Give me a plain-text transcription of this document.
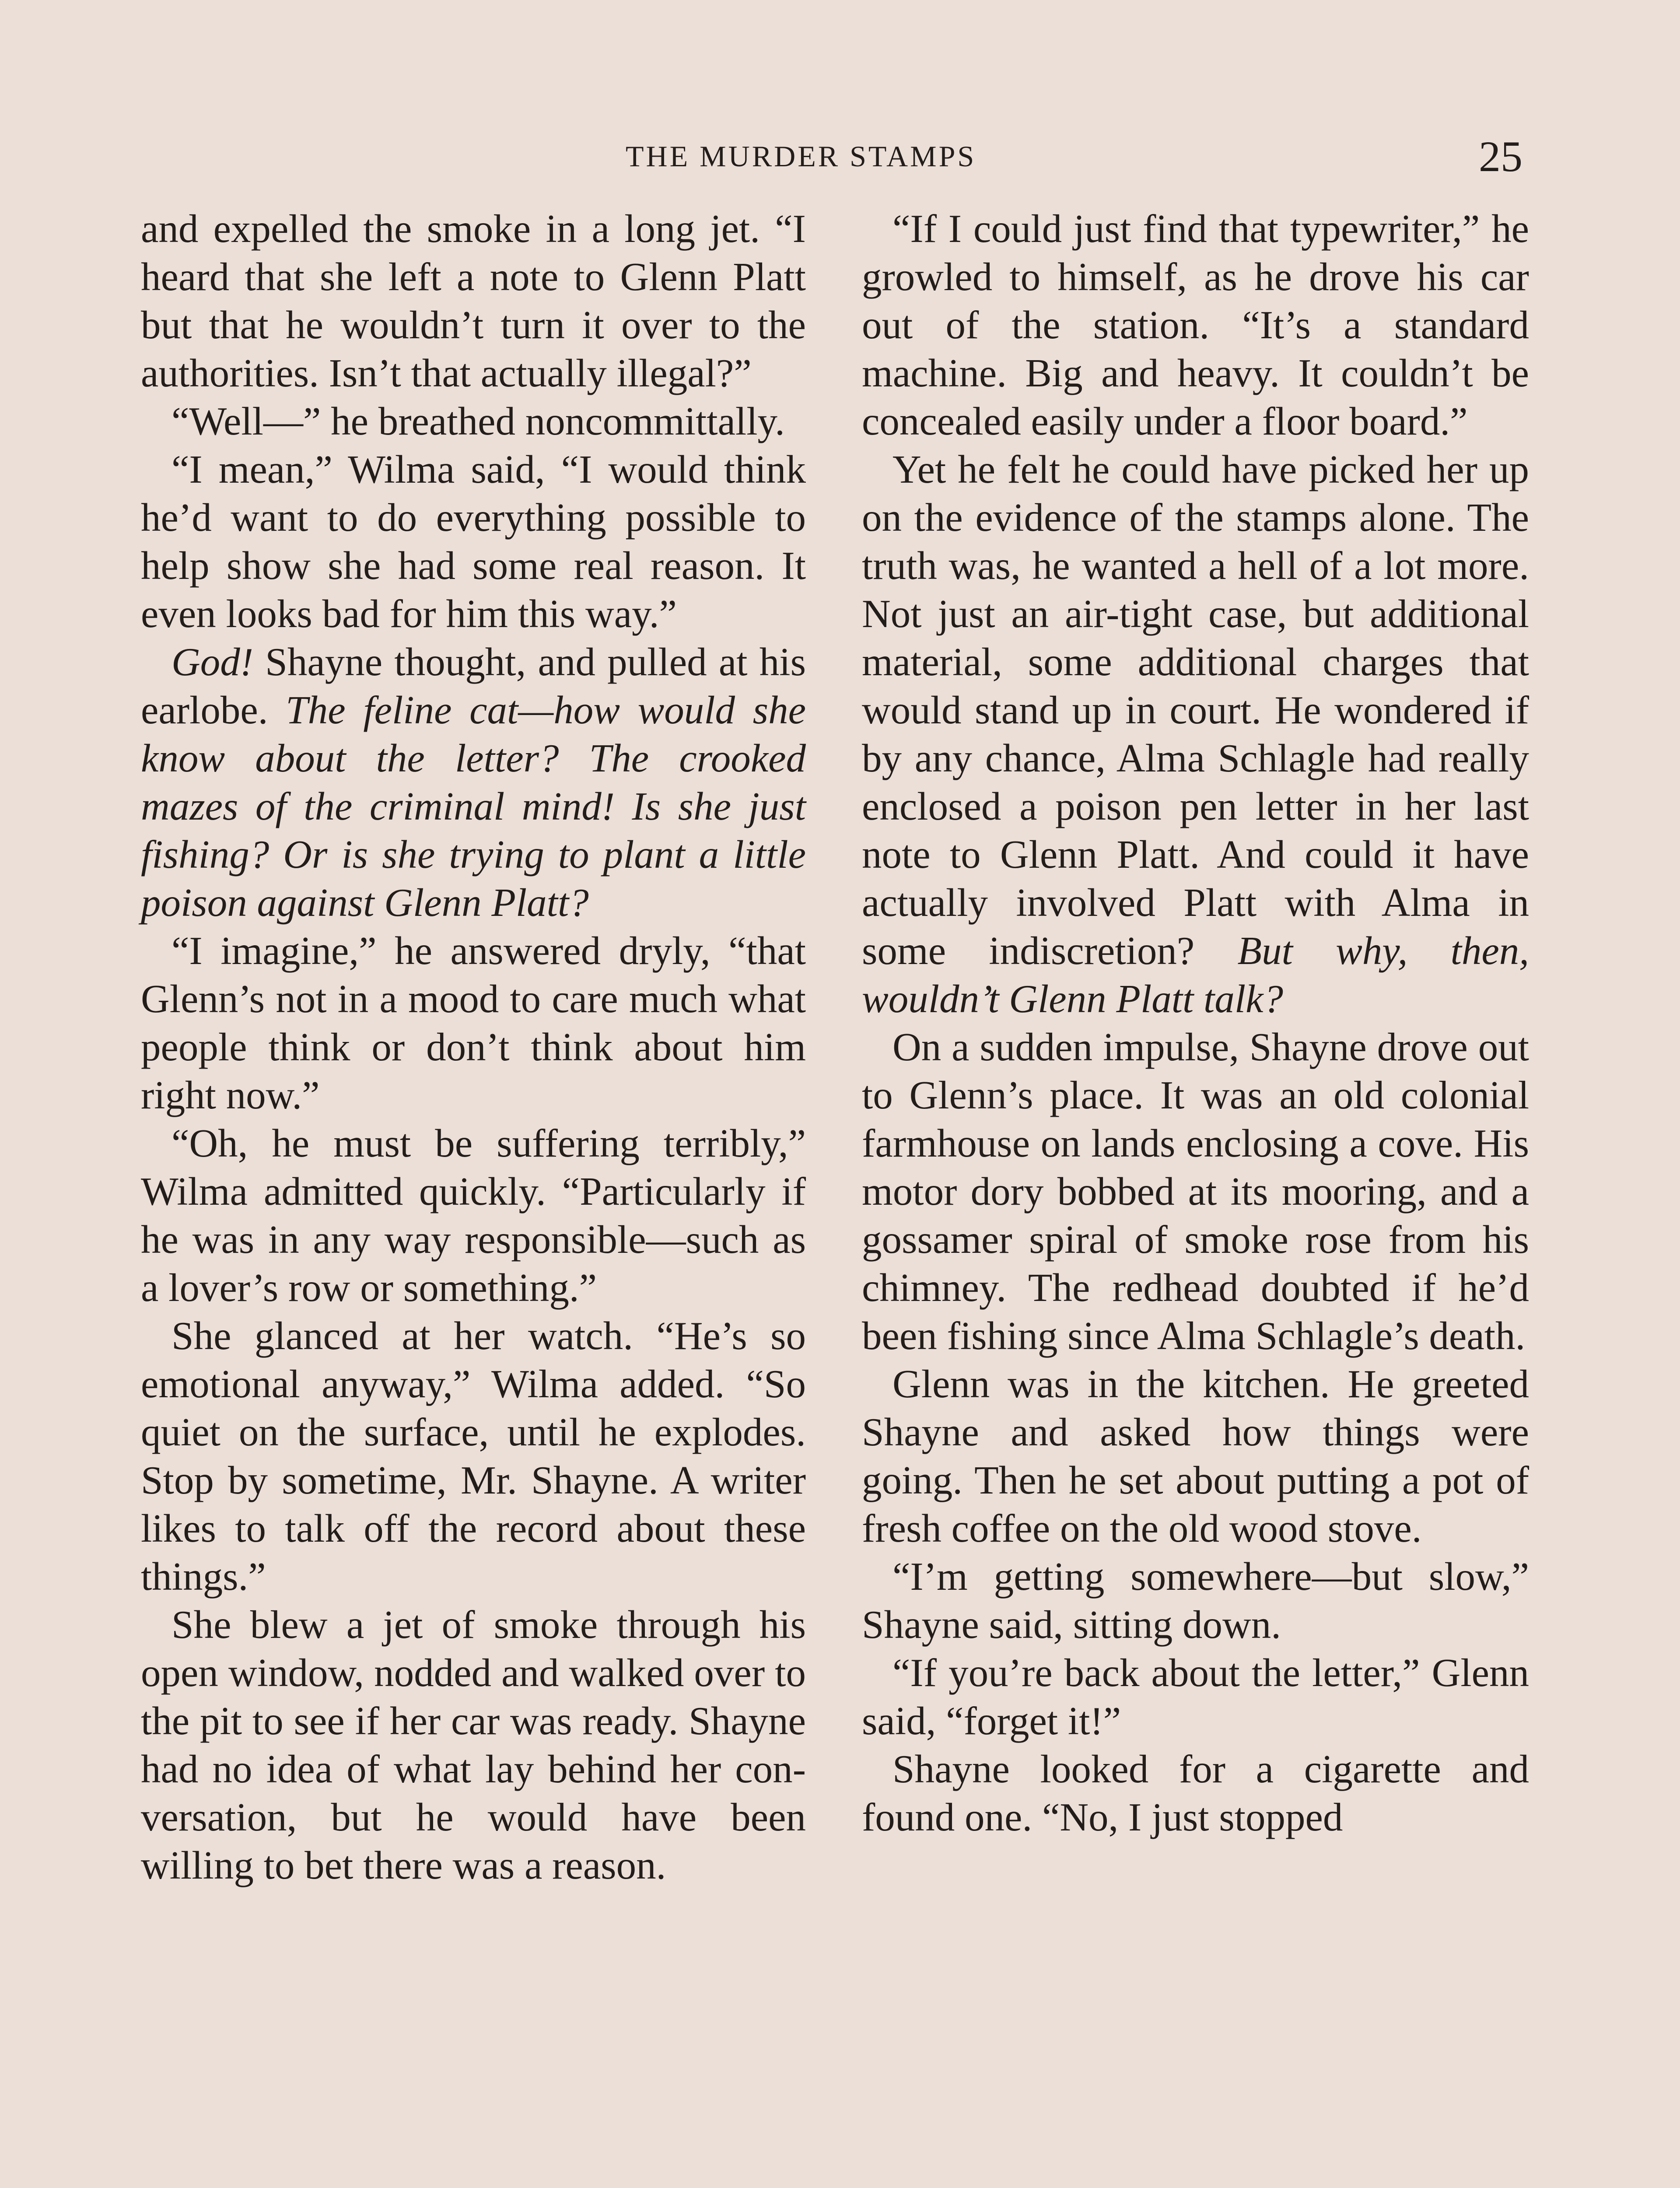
THE MURDER STAMPS	25

and expelled the smoke in a long jet. “I heard that she left a note to Glenn Platt but that he wouldn’t turn it over to the authorities. Isn’t that actually illegal?”

“Well—” he breathed noncommittally.

“I mean,” Wilma said, “I would think he’d want to do everything possible to help show she had some real reason. It even looks bad for him this way.”

God! Shayne thought, and pulled at his earlobe. The feline cat—how would she know about the letter? The crooked mazes of the criminal mind! Is she just fishing? Or is she trying to plant a little poison against Glenn Platt?

“I imagine,” he answered dryly, “that Glenn’s not in a mood to care much what people think or don’t think about him right now.”

“Oh, he must be suffering terribly,” Wilma admitted quickly. “Particularly if he was in any way responsible—such as a lover’s row or something.”

She glanced at her watch. “He’s so emotional anyway,” Wilma added. “So quiet on the surface, until he explodes. Stop by sometime, Mr. Shayne. A writer likes to talk off the record about these things.”

She blew a jet of smoke through his open window, nodded and walked over to the pit to see if her car was ready. Shayne had no idea of what lay behind her conversation, but he would have been willing to bet there was a reason.

“If I could just find that typewriter,” he growled to himself, as he drove his car out of the station. “It’s a standard machine. Big and heavy. It couldn’t be concealed easily under a floor board.”

Yet he felt he could have picked her up on the evidence of the stamps alone. The truth was, he wanted a hell of a lot more. Not just an air-tight case, but additional material, some additional charges that would stand up in court. He wondered if by any chance, Alma Schlagle had really enclosed a poison pen letter in her last note to Glenn Platt. And could it have actually involved Platt with Alma in some indiscretion? But why, then, wouldn’t Glenn Platt talk?

On a sudden impulse, Shayne drove out to Glenn’s place. It was an old colonial farmhouse on lands enclosing a cove. His motor dory bobbed at its mooring, and a gossamer spiral of smoke rose from his chimney. The redhead doubted if he’d been fishing since Alma Schlagle’s death.

Glenn was in the kitchen. He greeted Shayne and asked how things were going. Then he set about putting a pot of fresh coffee on the old wood stove.

“I’m getting somewhere—but slow,” Shayne said, sitting down.

“If you’re back about the letter,” Glenn said, “forget it!”

Shayne looked for a cigarette and found one. “No, I just stopped
